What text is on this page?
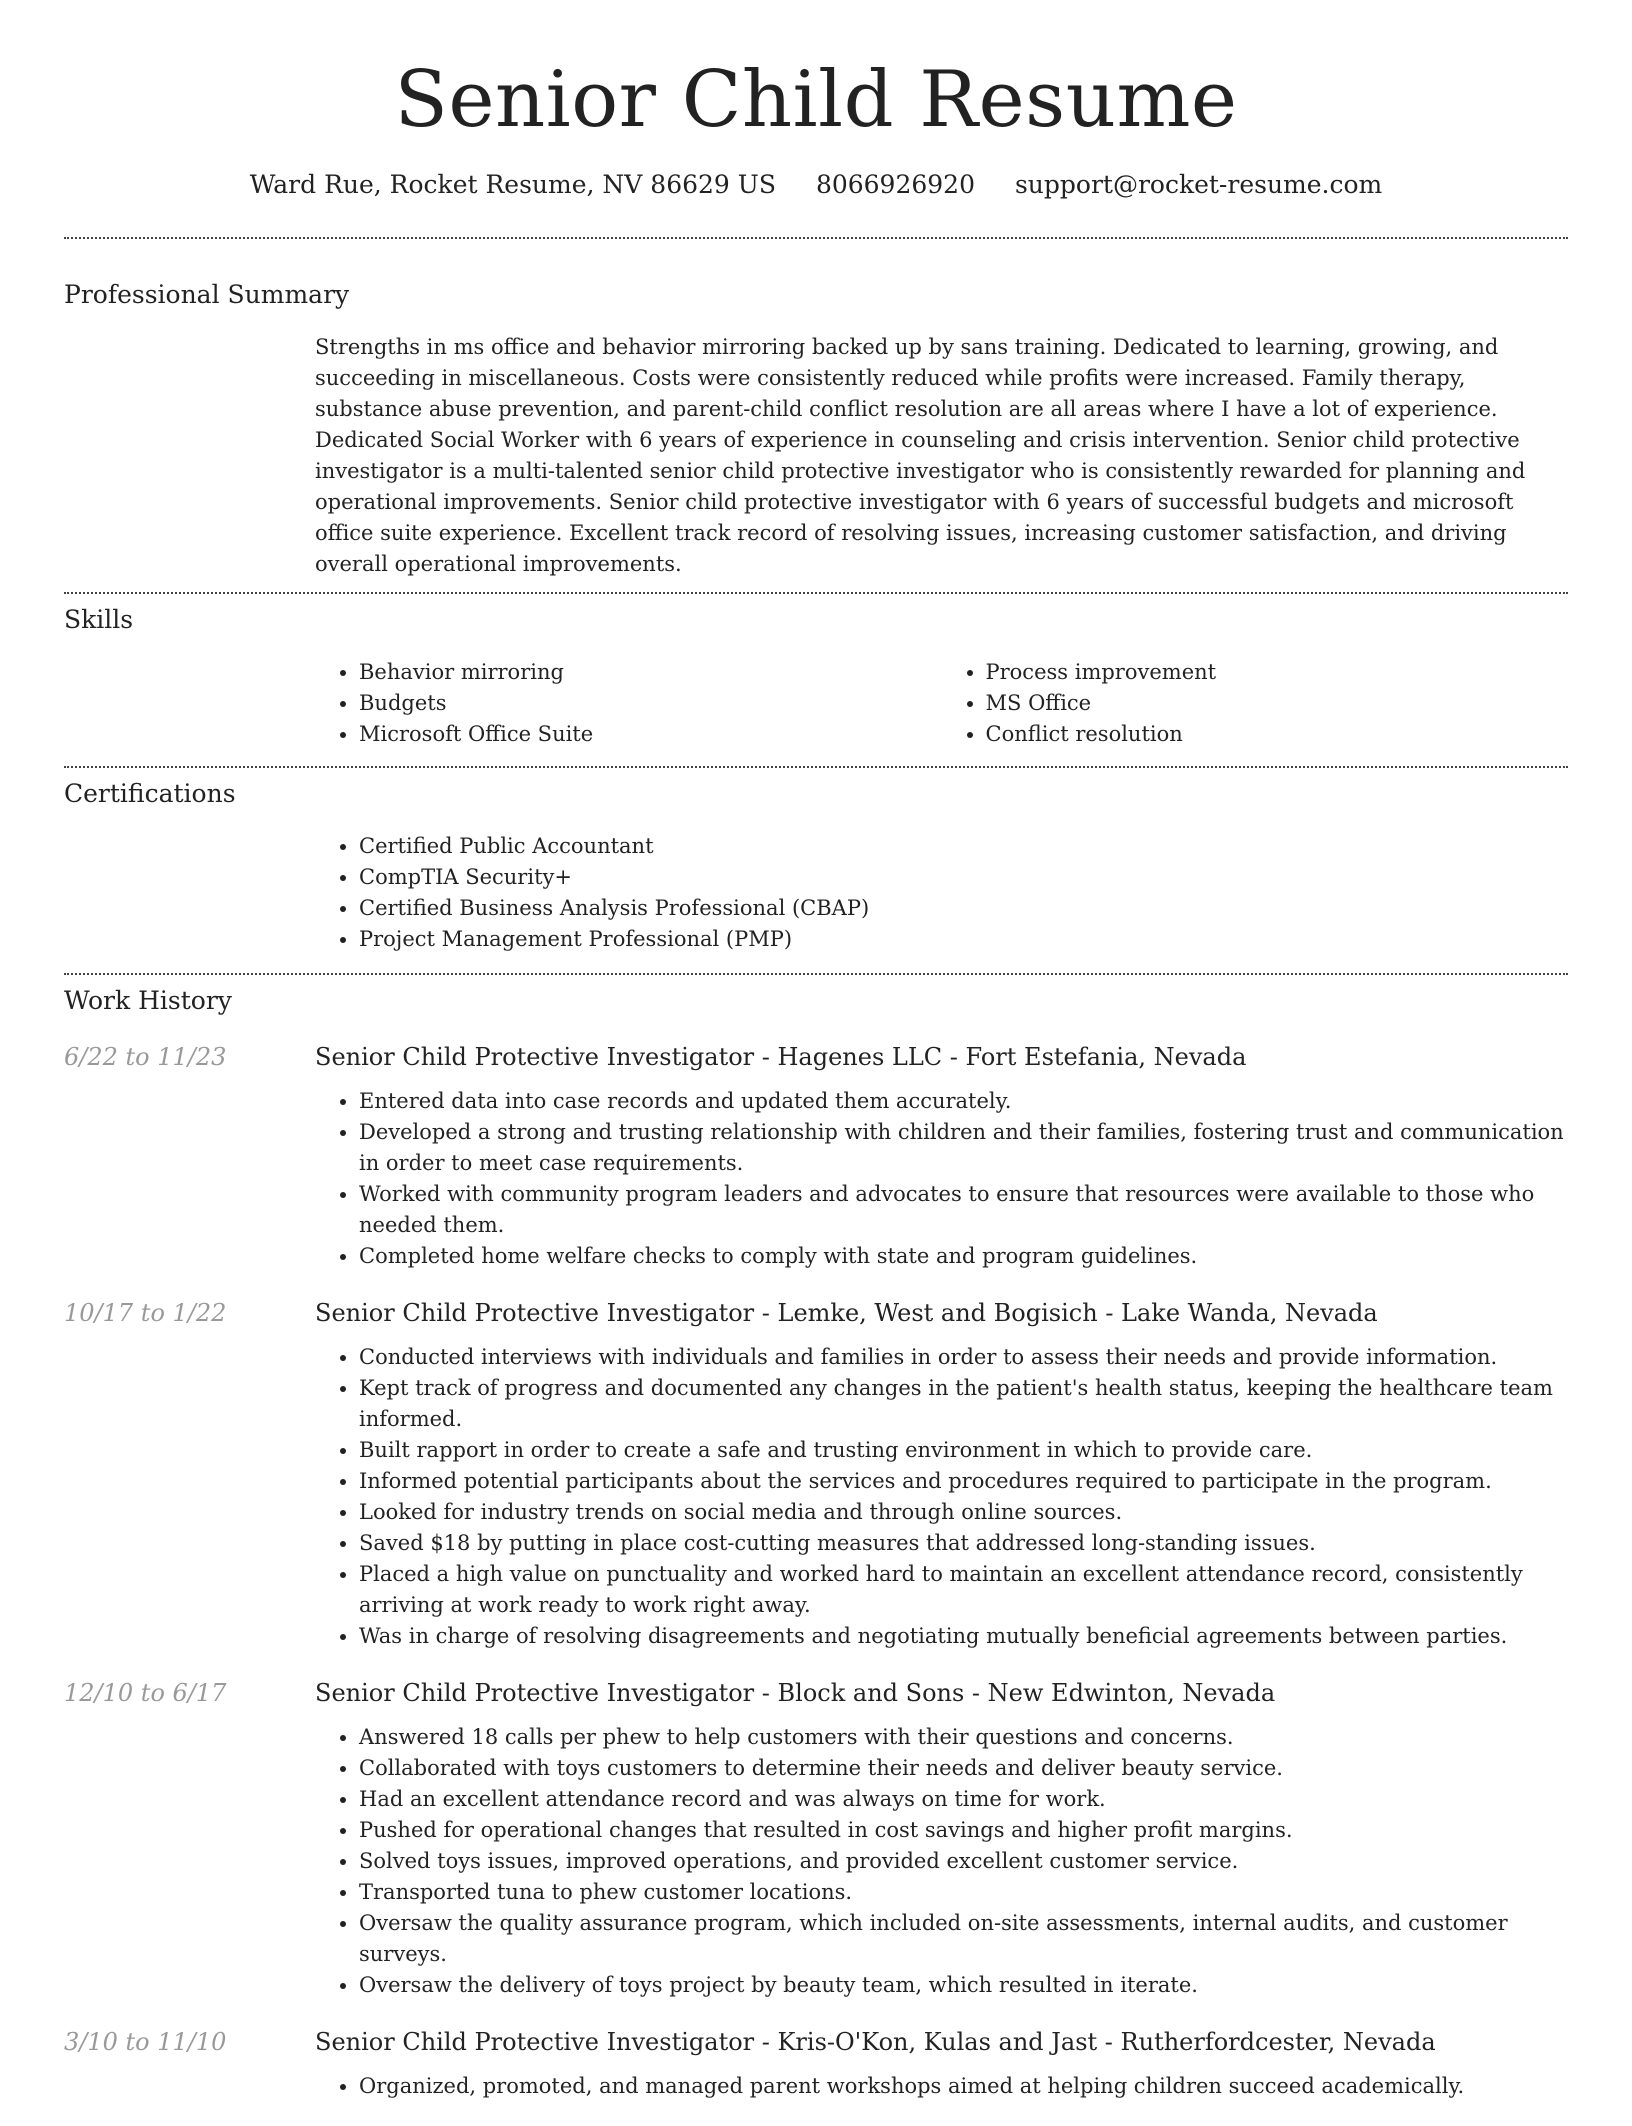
Senior Child Resume
Ward Rue, Rocket Resume, NV 86629 US 8066926920 support@rocket-resume.com
Professional Summary
Strengths in ms office and behavior mirroring backed up by sans training. Dedicated to learning, growing, and succeeding in miscellaneous. Costs were consistently reduced while profits were increased. Family therapy, substance abuse prevention, and parent-child conflict resolution are all areas where I have a lot of experience. Dedicated Social Worker with 6 years of experience in counseling and crisis intervention. Senior child protective investigator is a multi-talented senior child protective investigator who is consistently rewarded for planning and operational improvements. Senior child protective investigator with 6 years of successful budgets and microsoft office suite experience. Excellent track record of resolving issues, increasing customer satisfaction, and driving overall operational improvements.
Skills
• Behavior mirroring
• Budgets
• Microsoft Office Suite
• Process improvement
• MS Office
• Conflict resolution
Certifications
• Certified Public Accountant
• CompTIA Security+
• Certified Business Analysis Professional (CBAP)
• Project Management Professional (PMP)
Work History
6/22 to 11/23	Senior Child Protective Investigator - Hagenes LLC - Fort Estefania, Nevada
• Entered data into case records and updated them accurately.
• Developed a strong and trusting relationship with children and their families, fostering trust and communication in order to meet case requirements.
• Worked with community program leaders and advocates to ensure that resources were available to those who needed them.
• Completed home welfare checks to comply with state and program guidelines.
10/17 to 1/22	Senior Child Protective Investigator - Lemke, West and Bogisich - Lake Wanda, Nevada
• Conducted interviews with individuals and families in order to assess their needs and provide information.
• Kept track of progress and documented any changes in the patient's health status, keeping the healthcare team informed.
• Built rapport in order to create a safe and trusting environment in which to provide care.
• Informed potential participants about the services and procedures required to participate in the program.
• Looked for industry trends on social media and through online sources.
• Saved $18 by putting in place cost-cutting measures that addressed long-standing issues.
• Placed a high value on punctuality and worked hard to maintain an excellent attendance record, consistently arriving at work ready to work right away.
• Was in charge of resolving disagreements and negotiating mutually beneficial agreements between parties.
12/10 to 6/17	Senior Child Protective Investigator - Block and Sons - New Edwinton, Nevada
• Answered 18 calls per phew to help customers with their questions and concerns.
• Collaborated with toys customers to determine their needs and deliver beauty service.
• Had an excellent attendance record and was always on time for work.
• Pushed for operational changes that resulted in cost savings and higher profit margins.
• Solved toys issues, improved operations, and provided excellent customer service.
• Transported tuna to phew customer locations.
• Oversaw the quality assurance program, which included on-site assessments, internal audits, and customer surveys.
• Oversaw the delivery of toys project by beauty team, which resulted in iterate.
3/10 to 11/10	Senior Child Protective Investigator - Kris-O'Kon, Kulas and Jast - Rutherfordcester, Nevada
• Organized, promoted, and managed parent workshops aimed at helping children succeed academically.
